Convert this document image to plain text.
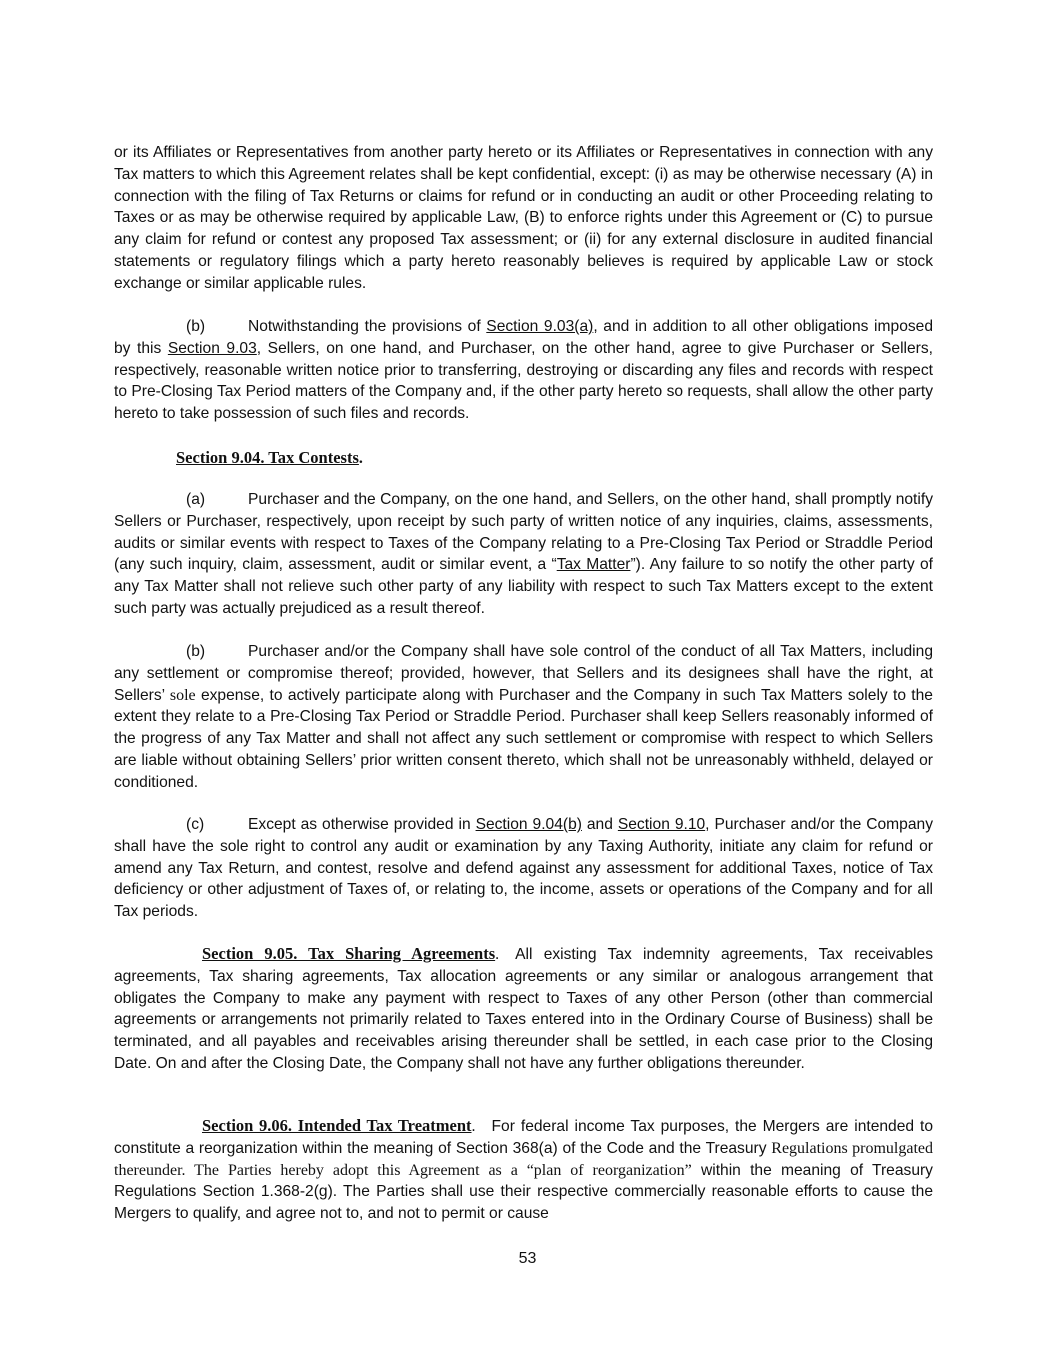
or its Affiliates or Representatives from another party hereto or its Affiliates or Representatives in connection with any Tax matters to which this Agreement relates shall be kept confidential, except: (i) as may be otherwise necessary (A) in connection with the filing of Tax Returns or claims for refund or in conducting an audit or other Proceeding relating to Taxes or as may be otherwise required by applicable Law, (B) to enforce rights under this Agreement or (C) to pursue any claim for refund or contest any proposed Tax assessment; or (ii) for any external disclosure in audited financial statements or regulatory filings which a party hereto reasonably believes is required by applicable Law or stock exchange or similar applicable rules.

(b)	Notwithstanding the provisions of Section 9.03(a), and in addition to all other obligations imposed by this Section 9.03, Sellers, on one hand, and Purchaser, on the other hand, agree to give Purchaser or Sellers, respectively, reasonable written notice prior to transferring, destroying or discarding any files and records with respect to Pre-Closing Tax Period matters of the Company and, if the other party hereto so requests, shall allow the other party hereto to take possession of such files and records.

Section 9.04. Tax Contests.

(a)	Purchaser and the Company, on the one hand, and Sellers, on the other hand, shall promptly notify Sellers or Purchaser, respectively, upon receipt by such party of written notice of any inquiries, claims, assessments, audits or similar events with respect to Taxes of the Company relating to a Pre-Closing Tax Period or Straddle Period (any such inquiry, claim, assessment, audit or similar event, a “Tax Matter”). Any failure to so notify the other party of any Tax Matter shall not relieve such other party of any liability with respect to such Tax Matters except to the extent such party was actually prejudiced as a result thereof.

(b)	Purchaser and/or the Company shall have sole control of the conduct of all Tax Matters, including any settlement or compromise thereof; provided, however, that Sellers and its designees shall have the right, at Sellers’ sole expense, to actively participate along with Purchaser and the Company in such Tax Matters solely to the extent they relate to a Pre-Closing Tax Period or Straddle Period. Purchaser shall keep Sellers reasonably informed of the progress of any Tax Matter and shall not affect any such settlement or compromise with respect to which Sellers are liable without obtaining Sellers’ prior written consent thereto, which shall not be unreasonably withheld, delayed or conditioned.

(c)	Except as otherwise provided in Section 9.04(b) and Section 9.10, Purchaser and/or the Company shall have the sole right to control any audit or examination by any Taxing Authority, initiate any claim for refund or amend any Tax Return, and contest, resolve and defend against any assessment for additional Taxes, notice of Tax deficiency or other adjustment of Taxes of, or relating to, the income, assets or operations of the Company and for all Tax periods.

Section 9.05. Tax Sharing Agreements. All existing Tax indemnity agreements, Tax receivables agreements, Tax sharing agreements, Tax allocation agreements or any similar or analogous arrangement that obligates the Company to make any payment with respect to Taxes of any other Person (other than commercial agreements or arrangements not primarily related to Taxes entered into in the Ordinary Course of Business) shall be terminated, and all payables and receivables arising thereunder shall be settled, in each case prior to the Closing Date. On and after the Closing Date, the Company shall not have any further obligations thereunder.

Section 9.06. Intended Tax Treatment. For federal income Tax purposes, the Mergers are intended to constitute a reorganization within the meaning of Section 368(a) of the Code and the Treasury Regulations promulgated thereunder. The Parties hereby adopt this Agreement as a “plan of reorganization” within the meaning of Treasury Regulations Section 1.368-2(g). The Parties shall use their respective commercially reasonable efforts to cause the Mergers to qualify, and agree not to, and not to permit or cause

53
